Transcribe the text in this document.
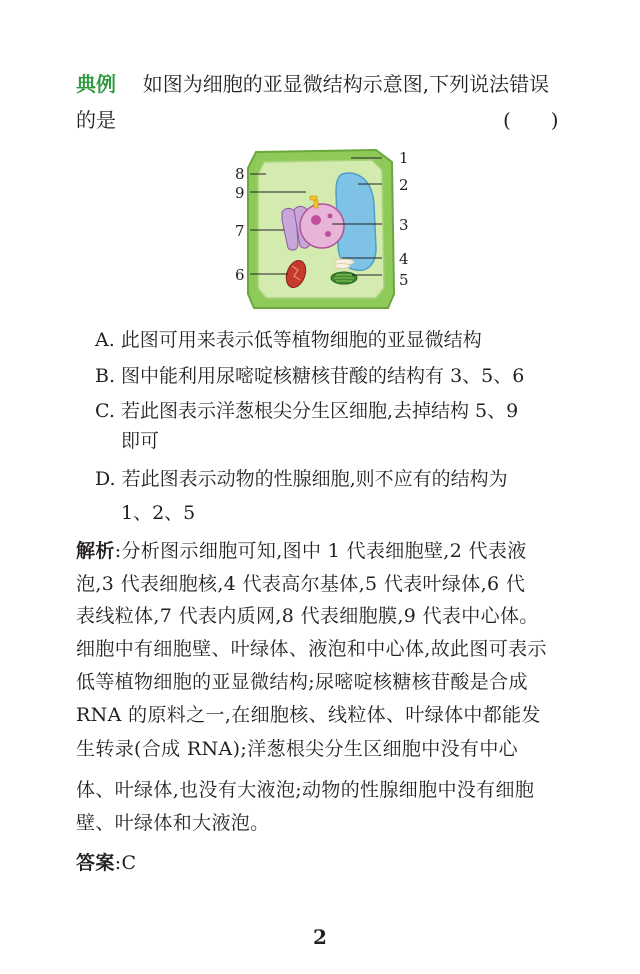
典例 如图为细胞的亚显微结构示意图,下列说法错误
的是	(　　)
1
2
3
4
5
6
7
8
9
A. 此图可用来表示低等植物细胞的亚显微结构
B. 图中能利用尿嘧啶核糖核苷酸的结构有 3、5、6
C. 若此图表示洋葱根尖分生区细胞,去掉结构 5、9
即可
D. 若此图表示动物的性腺细胞,则不应有的结构为
1、2、5
解析:分析图示细胞可知,图中 1 代表细胞壁,2 代表液
泡,3 代表细胞核,4 代表高尔基体,5 代表叶绿体,6 代
表线粒体,7 代表内质网,8 代表细胞膜,9 代表中心体。
细胞中有细胞壁、叶绿体、液泡和中心体,故此图可表示
低等植物细胞的亚显微结构;尿嘧啶核糖核苷酸是合成
RNA 的原料之一,在细胞核、线粒体、叶绿体中都能发
生转录(合成 RNA);洋葱根尖分生区细胞中没有中心
体、叶绿体,也没有大液泡;动物的性腺细胞中没有细胞
壁、叶绿体和大液泡。
答案:C
2
